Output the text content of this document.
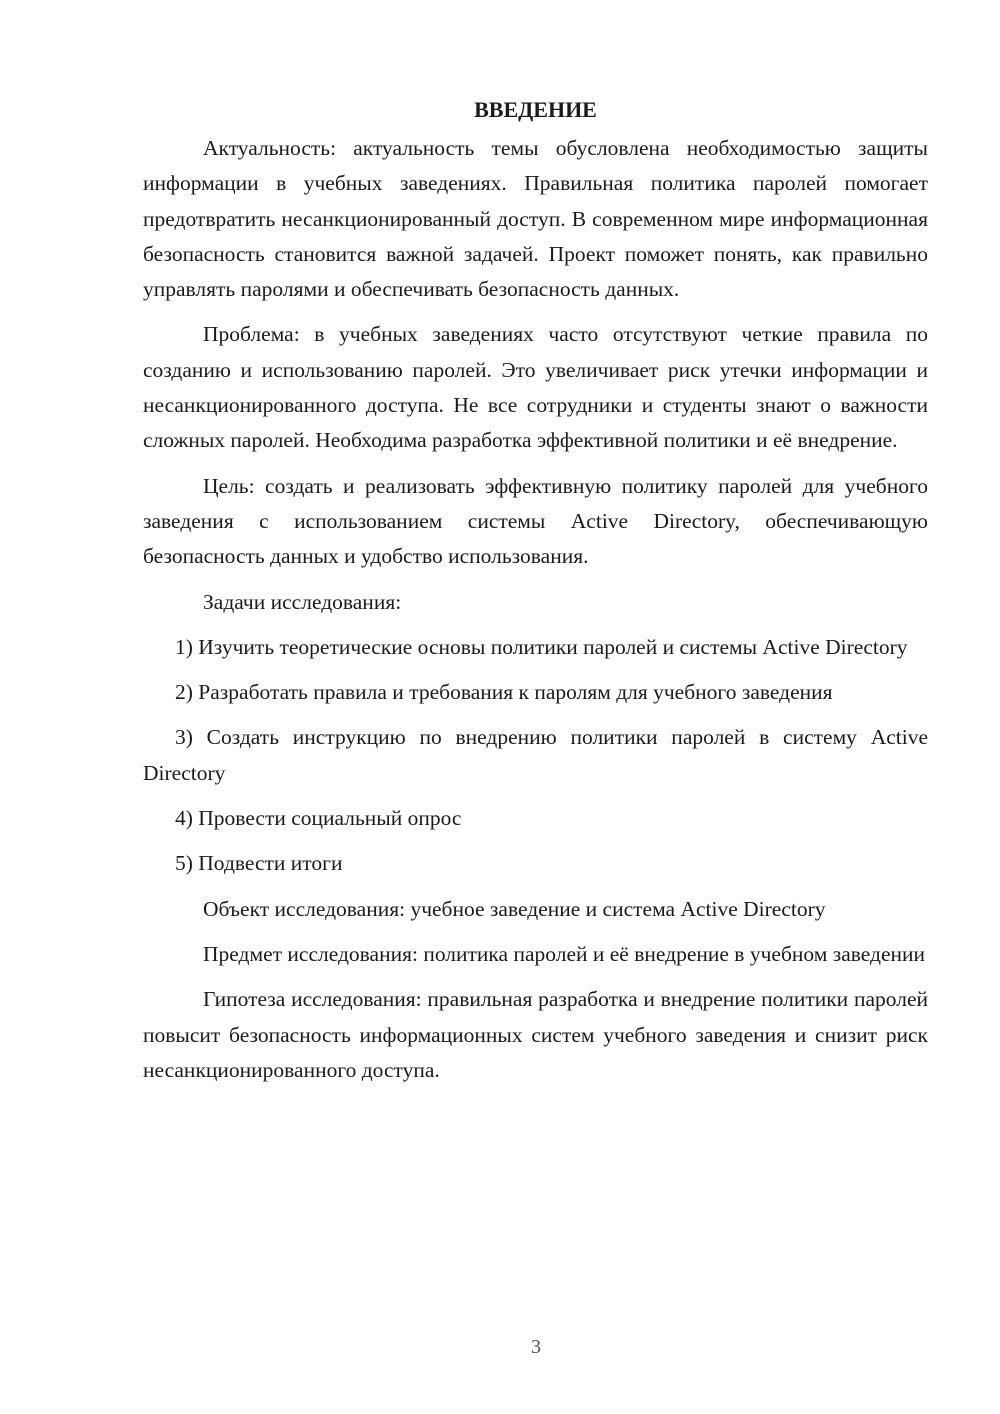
ВВЕДЕНИЕ

Актуальность: актуальность темы обусловлена необходимостью защиты информации в учебных заведениях. Правильная политика паролей помогает предотвратить несанкционированный доступ. В современном мире информационная безопасность становится важной задачей. Проект поможет понять, как правильно управлять паролями и обеспечивать безопасность данных.

Проблема: в учебных заведениях часто отсутствуют четкие правила по созданию и использованию паролей. Это увеличивает риск утечки информации и несанкционированного доступа. Не все сотрудники и студенты знают о важности сложных паролей. Необходима разработка эффективной политики и её внедрение.

Цель: создать и реализовать эффективную политику паролей для учебного заведения с использованием системы Active Directory, обеспечивающую безопасность данных и удобство использования.

Задачи исследования:

1) Изучить теоретические основы политики паролей и системы Active Directory

2) Разработать правила и требования к паролям для учебного заведения

3) Создать инструкцию по внедрению политики паролей в систему Active Directory

4) Провести социальный опрос

5) Подвести итоги

Объект исследования: учебное заведение и система Active Directory

Предмет исследования: политика паролей и её внедрение в учебном заведении

Гипотеза исследования: правильная разработка и внедрение политики паролей повысит безопасность информационных систем учебного заведения и снизит риск несанкционированного доступа.

3
